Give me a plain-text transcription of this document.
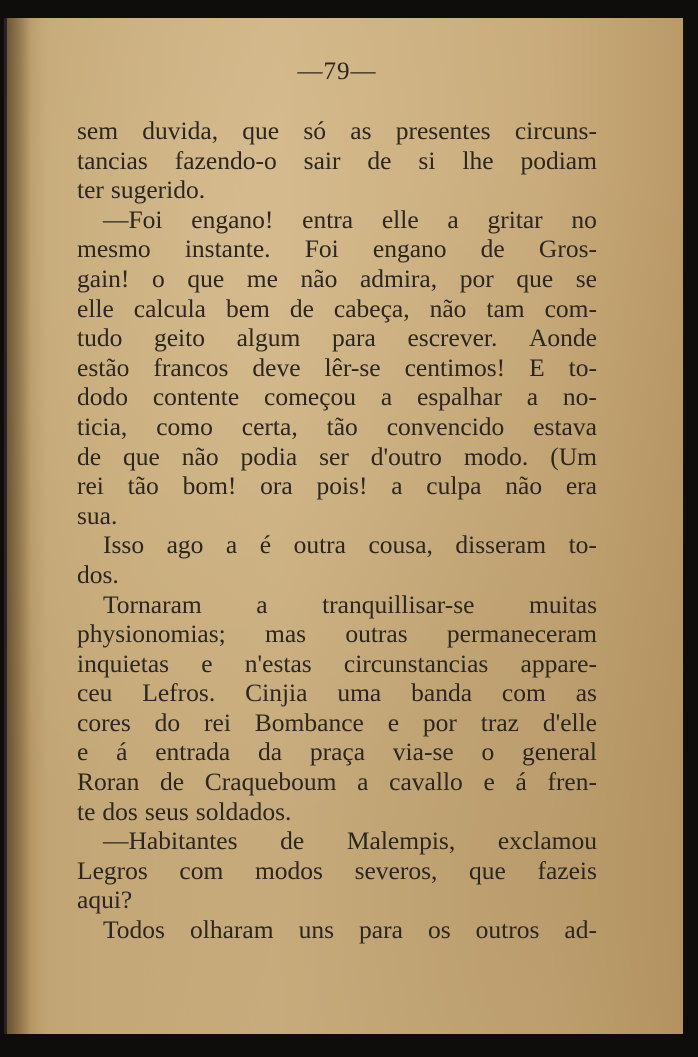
—79—
sem duvida, que só as presentes circuns-
tancias fazendo-o sair de si lhe podiam
ter sugerido.
—Foi engano! entra elle a gritar no
mesmo instante. Foi engano de Gros-
gain! o que me não admira, por que se
elle calcula bem de cabeça, não tam com-
tudo geito algum para escrever. Aonde
estão francos deve lêr-se centimos! E to-
dodo contente começou a espalhar a no-
ticia, como certa, tão convencido estava
de que não podia ser d'outro modo. (Um
rei tão bom! ora pois! a culpa não era
sua.
Isso ago a é outra cousa, disseram to-
dos.
Tornaram a tranquillisar-se muitas
physionomias; mas outras permaneceram
inquietas e n'estas circunstancias appare-
ceu Lefros. Cinjia uma banda com as
cores do rei Bombance e por traz d'elle
e á entrada da praça via-se o general
Roran de Craqueboum a cavallo e á fren-
te dos seus soldados.
—Habitantes de Malempis, exclamou
Legros com modos severos, que fazeis
aqui?
Todos olharam uns para os outros ad-
